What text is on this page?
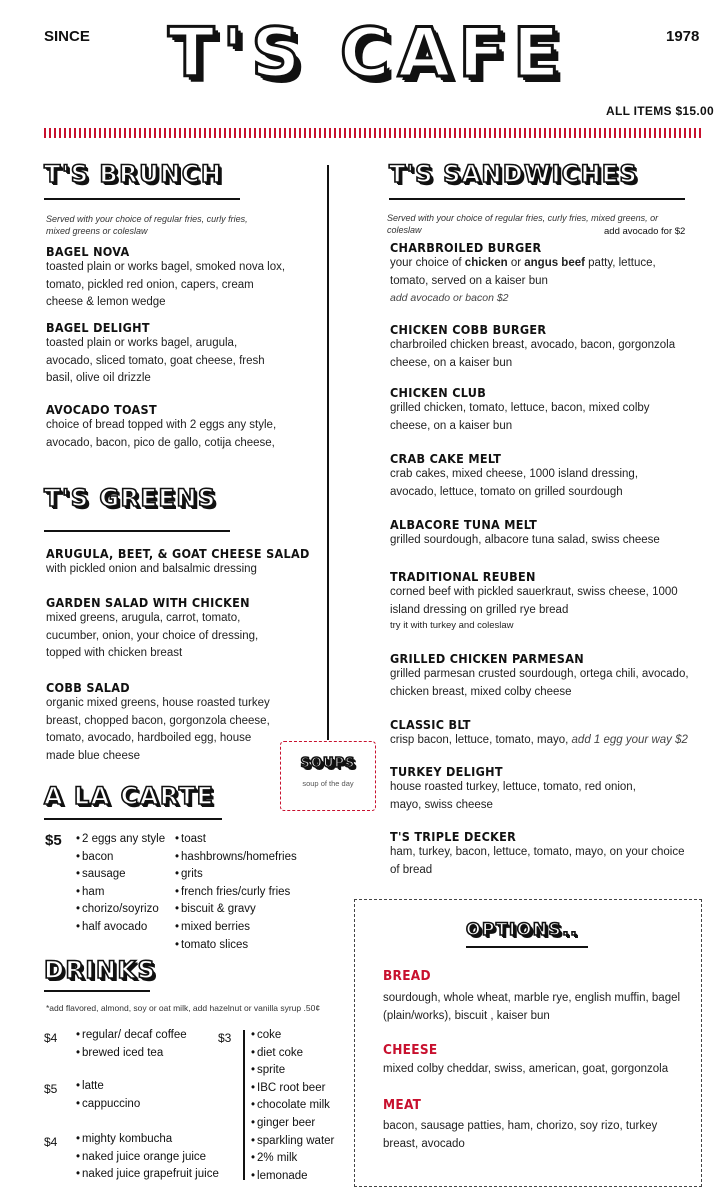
SINCE	1978
T'S CAFE
ALL ITEMS $15.00
T'S BRUNCH
Served with your choice of regular fries, curly fries, mixed greens or coleslaw

BAGEL NOVA

toasted plain or works bagel, smoked nova lox, tomato, pickled red onion, capers, cream cheese & lemon wedge

BAGEL DELIGHT

toasted plain or works bagel, arugula, avocado, sliced tomato, goat cheese, fresh basil, olive oil drizzle

AVOCADO TOAST

choice of bread topped with 2 eggs any style, avocado, bacon, pico de gallo, cotija cheese,

T'S GREENS

ARUGULA, BEET, & GOAT CHEESE SALAD

with pickled onion and balsalmic dressing

GARDEN SALAD WITH CHICKEN

mixed greens, arugula, carrot, tomato, cucumber, onion, your choice of dressing, topped with chicken breast

COBB SALAD

organic mixed greens, house roasted turkey breast, chopped bacon, gorgonzola cheese, tomato, avocado, hardboiled egg, house made blue cheese

SOUPS
soup of the day
A LA CARTE
$5	• 2 eggs any style
• bacon
• sausage
• ham
• chorizo/soyrizo
• half avocado
• toast
• hashbrowns/homefries
• grits
• french fries/curly fries
• biscuit & gravy
• mixed berries
• tomato slices
DRINKS
*add flavored, almond, soy or oat milk, add hazelnut or vanilla syrup .50¢
$4	• regular/ decaf coffee
• brewed iced tea
$5	• latte
• cappuccino
$4	• mighty kombucha
• naked juice orange juice
• naked juice grapefruit juice
$3	• coke
• diet coke
• sprite
• IBC root beer
• chocolate milk
• ginger beer
• sparkling water
• 2% milk
• lemonade
T'S SANDWICHES
Served with your choice of regular fries, curly fries, mixed greens, or coleslaw	add avocado for $2

CHARBROILED BURGER

your choice of chicken or angus beef patty, lettuce, tomato, served on a kaiser bun

add avocado or bacon $2

CHICKEN COBB BURGER

charbroiled chicken breast, avocado, bacon, gorgonzola cheese, on a kaiser bun

CHICKEN CLUB

grilled chicken, tomato, lettuce, bacon, mixed colby cheese, on a kaiser bun

CRAB CAKE MELT

crab cakes, mixed cheese, 1000 island dressing, avocado, lettuce, tomato on grilled sourdough

ALBACORE TUNA MELT

grilled sourdough, albacore tuna salad, swiss cheese

TRADITIONAL REUBEN

corned beef with pickled sauerkraut, swiss cheese, 1000 island dressing on grilled rye bread

try it with turkey and coleslaw

GRILLED CHICKEN PARMESAN

grilled parmesan crusted sourdough, ortega chili, avocado, chicken breast, mixed colby cheese

CLASSIC BLT

crisp bacon, lettuce, tomato, mayo, add 1 egg your way $2

TURKEY DELIGHT

house roasted turkey, lettuce, tomato, red onion, mayo, swiss cheese

T'S TRIPLE DECKER

ham, turkey, bacon, lettuce, tomato, mayo, on your choice of bread

OPTIONS..

BREAD

sourdough, whole wheat, marble rye, english muffin, bagel (plain/works), biscuit , kaiser bun

CHEESE

mixed colby cheddar, swiss, american, goat, gorgonzola

MEAT

bacon, sausage patties, ham, chorizo, soy rizo, turkey breast, avocado
